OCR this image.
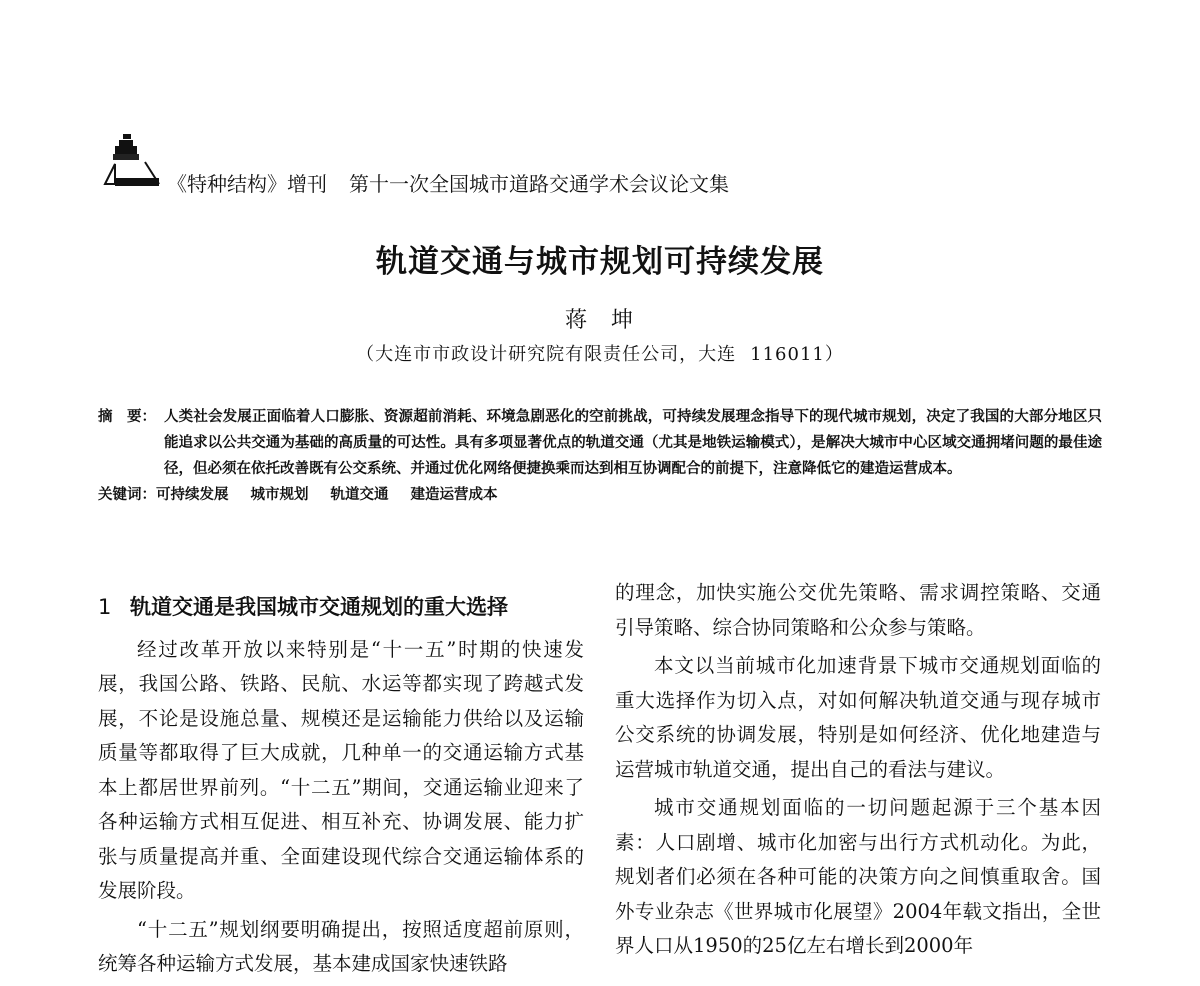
《特种结构》增刊 第十一次全国城市道路交通学术会议论文集
轨道交通与城市规划可持续发展
蒋 坤
（大连市市政设计研究院有限责任公司，大连 116011）
摘　要： 人类社会发展正面临着人口膨胀、资源超前消耗、环境急剧恶化的空前挑战，可持续发展理念指导下的现代城市规划，决定了我国的大部分地区只能追求以公共交通为基础的高质量的可达性。具有多项显著优点的轨道交通（尤其是地铁运输模式），是解决大城市中心区域交通拥堵问题的最佳途径，但必须在依托改善既有公交系统、并通过优化网络便捷换乘而达到相互协调配合的前提下，注意降低它的建造运营成本。
关键词： 可持续发展 城市规划 轨道交通 建造运营成本
1 轨道交通是我国城市交通规划的重大选择

经过改革开放以来特别是“十一五”时期的快速发展，我国公路、铁路、民航、水运等都实现了跨越式发展，不论是设施总量、规模还是运输能力供给以及运输质量等都取得了巨大成就，几种单一的交通运输方式基本上都居世界前列。“十二五”期间，交通运输业迎来了各种运输方式相互促进、相互补充、协调发展、能力扩张与质量提高并重、全面建设现代综合交通运输体系的发展阶段。

“十二五”规划纲要明确提出，按照适度超前原则，统筹各种运输方式发展，基本建成国家快速铁路

的理念，加快实施公交优先策略、需求调控策略、交通引导策略、综合协同策略和公众参与策略。

本文以当前城市化加速背景下城市交通规划面临的重大选择作为切入点，对如何解决轨道交通与现存城市公交系统的协调发展，特别是如何经济、优化地建造与运营城市轨道交通，提出自己的看法与建议。

城市交通规划面临的一切问题起源于三个基本因素：人口剧增、城市化加密与出行方式机动化。为此，规划者们必须在各种可能的决策方向之间慎重取舍。国外专业杂志《世界城市化展望》2004年载文指出，全世界人口从1950的25亿左右增长到2000年
